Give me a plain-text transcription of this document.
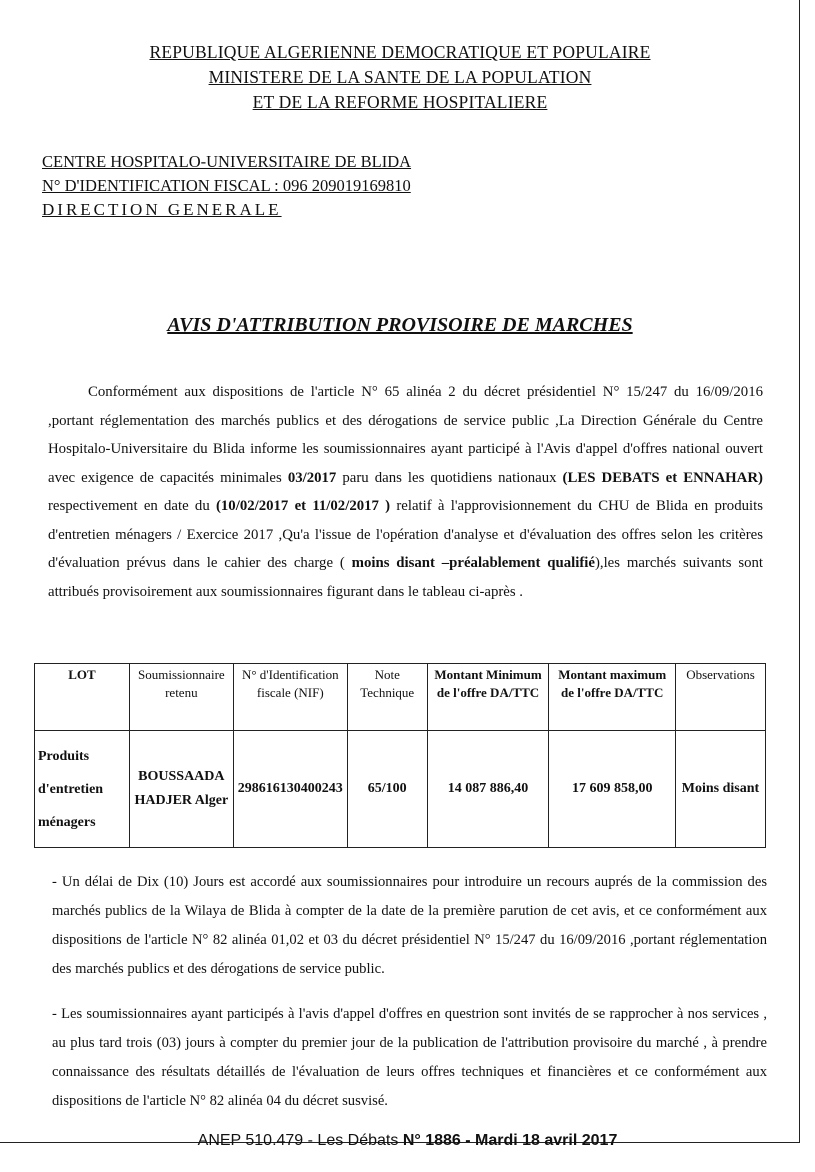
REPUBLIQUE ALGERIENNE DEMOCRATIQUE ET POPULAIRE
MINISTERE DE LA SANTE DE LA POPULATION
ET DE LA REFORME HOSPITALIERE
CENTRE HOSPITALO-UNIVERSITAIRE DE BLIDA
N° D'IDENTIFICATION FISCAL : 096 209019169810
DIRECTION GENERALE
AVIS D'ATTRIBUTION PROVISOIRE DE MARCHES
Conformément aux dispositions de l'article N° 65 alinéa 2 du décret présidentiel N° 15/247 du 16/09/2016 ,portant réglementation des marchés publics et des dérogations de service public ,La Direction Générale du Centre Hospitalo-Universitaire du Blida informe les soumissionnaires ayant participé à l'Avis d'appel d'offres national ouvert avec exigence de capacités minimales 03/2017 paru dans les quotidiens nationaux (LES DEBATS et ENNAHAR) respectivement en date du (10/02/2017 et 11/02/2017 ) relatif à l'approvisionnement du CHU de Blida en produits d'entretien ménagers / Exercice 2017 ,Qu'a l'issue de l'opération d'analyse et d'évaluation des offres selon les critères d'évaluation prévus dans le cahier des charge ( moins disant –préalablement qualifié),les marchés suivants sont attribués provisoirement aux soumissionnaires figurant dans le tableau ci-après .
LOT	Soumissionnaire retenu	N° d'Identification fiscale (NIF)	Note Technique	Montant Minimum de l'offre DA/TTC	Montant maximum de l'offre DA/TTC	Observations
Produits d'entretien ménagers	BOUSSAADA HADJER Alger	298616130400243	65/100	14 087 886,40	17 609 858,00	Moins disant
- Un délai de Dix (10) Jours est accordé aux soumissionnaires pour introduire un recours auprés de la commission des marchés publics de la Wilaya de Blida à compter de la date de la première parution de cet avis, et ce conformément aux dispositions de l'article N° 82 alinéa 01,02 et 03 du décret présidentiel N° 15/247 du 16/09/2016 ,portant réglementation des marchés publics et des dérogations de service public.
- Les soumissionnaires ayant participés à l'avis d'appel d'offres en questrion sont invités de se rapprocher à nos services , au plus tard trois (03) jours à compter du premier jour de la publication de l'attribution provisoire du marché , à prendre connaissance des résultats détaillés de l'évaluation de leurs offres techniques et financières et ce conformément aux dispositions de l'article N° 82 alinéa 04 du décret susvisé.
ANEP 510.479 - Les Débats N° 1886 - Mardi 18 avril 2017
